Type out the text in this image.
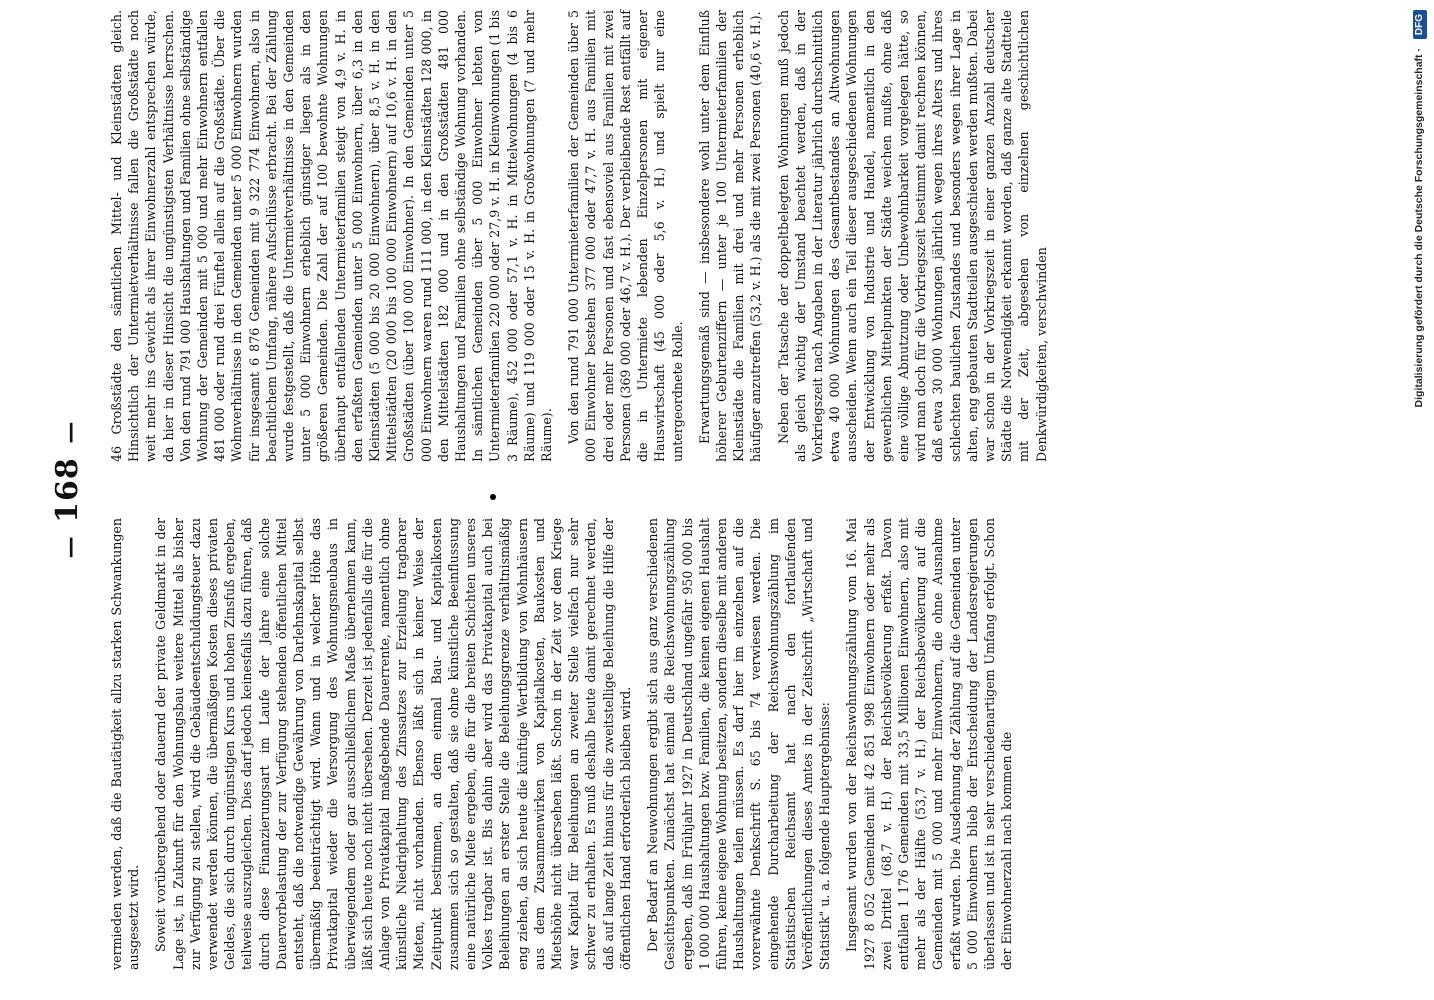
— 168 —

vermieden werden, daß die Bautätigkeit allzu starken Schwankungen ausgesetzt wird. Soweit vorübergehend oder dauernd der private Geldmarkt in der Lage ist, in Zukunft für den Wohnungsbau weitere Mittel als bisher zur Verfügung zu stellen, wird die Gebäudeentschuldungsteuer dazu verwendet werden können, die übermäßigen Kosten dieses privaten Geldes, die sich durch ungünstigen Kurs und hohen Zinsfuß ergeben, teilweise auszugleichen. Dies darf jedoch keinesfalls dazu führen, daß durch diese Finanzierungsart im Laufe der Jahre eine solche Dauervorbelastung der zur Verfügung stehenden öffentlichen Mittel entsteht, daß die notwendige Gewährung von Darlehnskapital selbst übermäßig beeinträchtigt wird. Wann und in welcher Höhe das Privatkapital wieder die Versorgung des Wohnungsneubaus in überwiegendem oder gar ausschließlichem Maße übernehmen kann, läßt sich heute noch nicht übersehen. Derzeit ist jedenfalls die für die Anlage von Privatkapital maßgebende Dauerrente, namentlich ohne künstliche Niedrighaltung des Zinssatzes zur Erzielung tragbarer Mieten, nicht vorhanden. Ebenso läßt sich in keiner Weise der Zeitpunkt bestimmen, an dem einmal Bau- und Kapitalkosten zusammen sich so gestalten, daß sie ohne künstliche Beeinflussung eine natürliche Miete ergeben, die für die breiten Schichten unseres Volkes tragbar ist. Bis dahin aber wird das Privatkapital auch bei Beleihungen an erster Stelle die Beleihungsgrenze verhältnismäßig eng ziehen, da sich heute die künftige Wertbildung von Wohnhäusern aus dem Zusammenwirken von Kapitalkosten, Baukosten und Mietshöhe nicht übersehen läßt. Schon in der Zeit vor dem Kriege war Kapital für Beleihungen an zweiter Stelle vielfach nur sehr schwer zu erhalten. Es muß deshalb heute damit gerechnet werden, daß auf lange Zeit hinaus für die zweitstellige Beleihung die Hilfe der öffentlichen Hand erforderlich bleiben wird. Der Bedarf an Neuwohnungen ergibt sich aus ganz verschiedenen Gesichtspunkten. Zunächst hat einmal die Reichswohnungszählung ergeben, daß im Frühjahr 1927 in Deutschland ungefähr 950 000 bis 1 000 000 Haushaltungen bzw. Familien, die keinen eigenen Haushalt führen, keine eigene Wohnung besitzen, sondern dieselbe mit anderen Haushaltungen teilen müssen. Es darf hier im einzelnen auf die vorerwähnte Denkschrift S. 65 bis 74 verwiesen werden. Die eingehende Durcharbeitung der Reichswohnungszählung im Statistischen Reichsamt hat nach den fortlaufenden Veröffentlichungen dieses Amtes in der Zeitschrift „Wirtschaft und Statistik" u. a. folgende Hauptergebnisse: Insgesamt wurden von der Reichswohnungszählung vom 16. Mai 1927 8 052 Gemeinden mit 42 851 998 Einwohnern oder mehr als zwei Drittel (68,7 v. H.) der Reichsbevölkerung erfaßt. Davon entfallen 1 176 Gemeinden mit 33,5 Millionen Einwohnern, also mit mehr als der Hälfte (53,7 v. H.) der Reichsbevölkerung auf die Gemeinden mit 5 000 und mehr Einwohnern, die ohne Ausnahme erfaßt wurden. Die Ausdehnung der Zählung auf die Gemeinden unter 5 000 Einwohnern blieb der Entscheidung der Landesregierungen überlassen und ist in sehr verschiedenartigem Umfang erfolgt. Schon der Einwohnerzahl nach kommen die

46 Großstädte den sämtlichen Mittel- und Kleinstädten gleich. Hinsichtlich der Untermietverhältnisse fallen die Großstädte noch weit mehr ins Gewicht als ihrer Einwohnerzahl entsprechen würde, da hier in dieser Hinsicht die ungünstigsten Verhältnisse herrschen. Von den rund 791 000 Haushaltungen und Familien ohne selbständige Wohnung der Gemeinden mit 5 000 und mehr Einwohnern entfallen 481 000 oder rund drei Fünftel allein auf die Großstädte. Über die Wohnverhältnisse in den Gemeinden unter 5 000 Einwohnern wurden für insgesamt 6 876 Gemeinden mit 9 322 774 Einwohnern, also in beachtlichem Umfang, nähere Aufschlüsse erbracht. Bei der Zählung wurde festgestellt, daß die Untermietverhältnisse in den Gemeinden unter 5 000 Einwohnern erheblich günstiger liegen als in den größeren Gemeinden. Die Zahl der auf 100 bewohnte Wohnungen überhaupt entfallenden Untermieterfamilien steigt von 4,9 v. H. in den erfaßten Gemeinden unter 5 000 Einwohnern, über 6,3 in den Kleinstädten (5 000 bis 20 000 Einwohnern), über 8,5 v. H. in den Mittelstädten (20 000 bis 100 000 Einwohnern) auf 10,6 v. H. in den Großstädten (über 100 000 Einwohner). In den Gemeinden unter 5 000 Einwohnern waren rund 111 000, in den Kleinstädten 128 000, in den Mittelstädten 182 000 und in den Großstädten 481 000 Haushaltungen und Familien ohne selbständige Wohnung vorhanden. In sämtlichen Gemeinden über 5 000 Einwohner lebten von Untermieterfamilien 220 000 oder 27,9 v. H. in Kleinwohnungen (1 bis 3 Räume), 452 000 oder 57,1 v. H. in Mittelwohnungen (4 bis 6 Räume) und 119 000 oder 15 v. H. in Großwohnungen (7 und mehr Räume). Von den rund 791 000 Untermieterfamilien der Gemeinden über 5 000 Einwohner bestehen 377 000 oder 47,7 v. H. aus Familien mit drei oder mehr Personen und fast ebensoviel aus Familien mit zwei Personen (369 000 oder 46,7 v. H.). Der verbleibende Rest entfällt auf die in Untermiete lebenden Einzelpersonen mit eigener Hauswirtschaft (45 000 oder 5,6 v. H.) und spielt nur eine untergeordnete Rolle. Erwartungsgemäß sind — insbesondere wohl unter dem Einfluß höherer Geburtenziffern — unter je 100 Untermieterfamilien der Kleinstädte die Familien mit drei und mehr Personen erheblich häufiger anzutreffen (53,2 v. H.) als die mit zwei Personen (40,6 v. H.). Neben der Tatsache der doppeltbelegten Wohnungen muß jedoch als gleich wichtig der Umstand beachtet werden, daß in der Vorkriegszeit nach Angaben in der Literatur jährlich durchschnittlich etwa 40 000 Wohnungen des Gesamtbestandes an Altwohnungen ausscheiden. Wenn auch ein Teil dieser ausgeschiedenen Wohnungen der Entwicklung von Industrie und Handel, namentlich in den gewerblichen Mittelpunkten der Städte weichen mußte, ohne daß eine völlige Abnutzung oder Unbewohnbarkeit vorgelegen hätte, so wird man doch für die Vorkriegszeit bestimmt damit rechnen können, daß etwa 30 000 Wohnungen jährlich wegen ihres Alters und ihres schlechten baulichen Zustandes und besonders wegen ihrer Lage in alten, eng gebauten Stadtteilen ausgeschieden werden mußten. Dabei war schon in der Vorkriegszeit in einer ganzen Anzahl deutscher Städte die Notwendigkeit erkannt worden, daß ganze alte Stadtteile mit der Zeit, abgesehen von einzelnen geschichtlichen Denkwürdigkeiten, verschwinden	Digitalisierung gefördert durch die Deutsche Forschungsgemeinschaft · DFG
